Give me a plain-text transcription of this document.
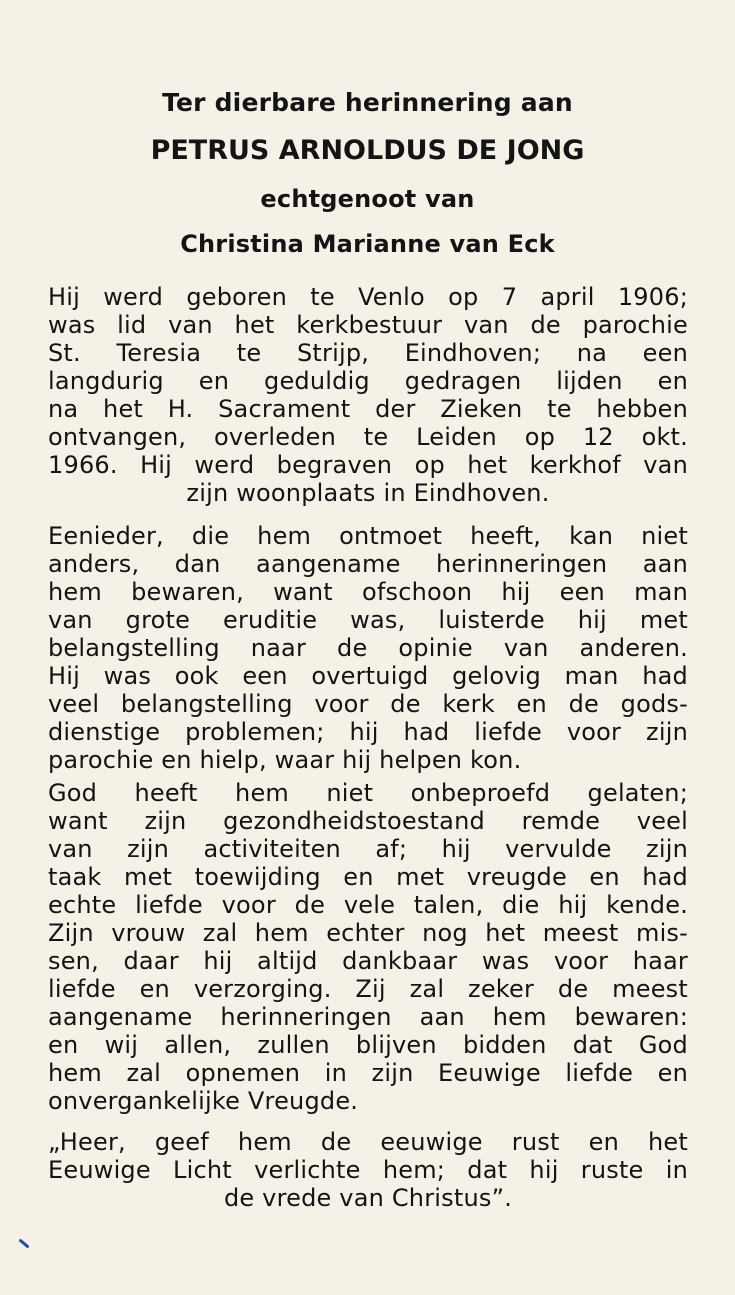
Ter dierbare herinnering aan
PETRUS ARNOLDUS DE JONG
echtgenoot van
Christina Marianne van Eck
Hij werd geboren te Venlo op 7 april 1906;
was lid van het kerkbestuur van de parochie
St. Teresia te Strijp, Eindhoven; na een
langdurig en geduldig gedragen lijden en
na het H. Sacrament der Zieken te hebben
ontvangen, overleden te Leiden op 12 okt.
1966. Hij werd begraven op het kerkhof van
zijn woonplaats in Eindhoven.
Eenieder, die hem ontmoet heeft, kan niet
anders, dan aangename herinneringen aan
hem bewaren, want ofschoon hij een man
van grote eruditie was, luisterde hij met
belangstelling naar de opinie van anderen.
Hij was ook een overtuigd gelovig man had
veel belangstelling voor de kerk en de gods-
dienstige problemen; hij had liefde voor zijn
parochie en hielp, waar hij helpen kon.
God heeft hem niet onbeproefd gelaten;
want zijn gezondheidstoestand remde veel
van zijn activiteiten af; hij vervulde zijn
taak met toewijding en met vreugde en had
echte liefde voor de vele talen, die hij kende.
Zijn vrouw zal hem echter nog het meest mis-
sen, daar hij altijd dankbaar was voor haar
liefde en verzorging. Zij zal zeker de meest
aangename herinneringen aan hem bewaren:
en wij allen, zullen blijven bidden dat God
hem zal opnemen in zijn Eeuwige liefde en
onvergankelijke Vreugde.
„Heer, geef hem de eeuwige rust en het
Eeuwige Licht verlichte hem; dat hij ruste in
de vrede van Christus”.
